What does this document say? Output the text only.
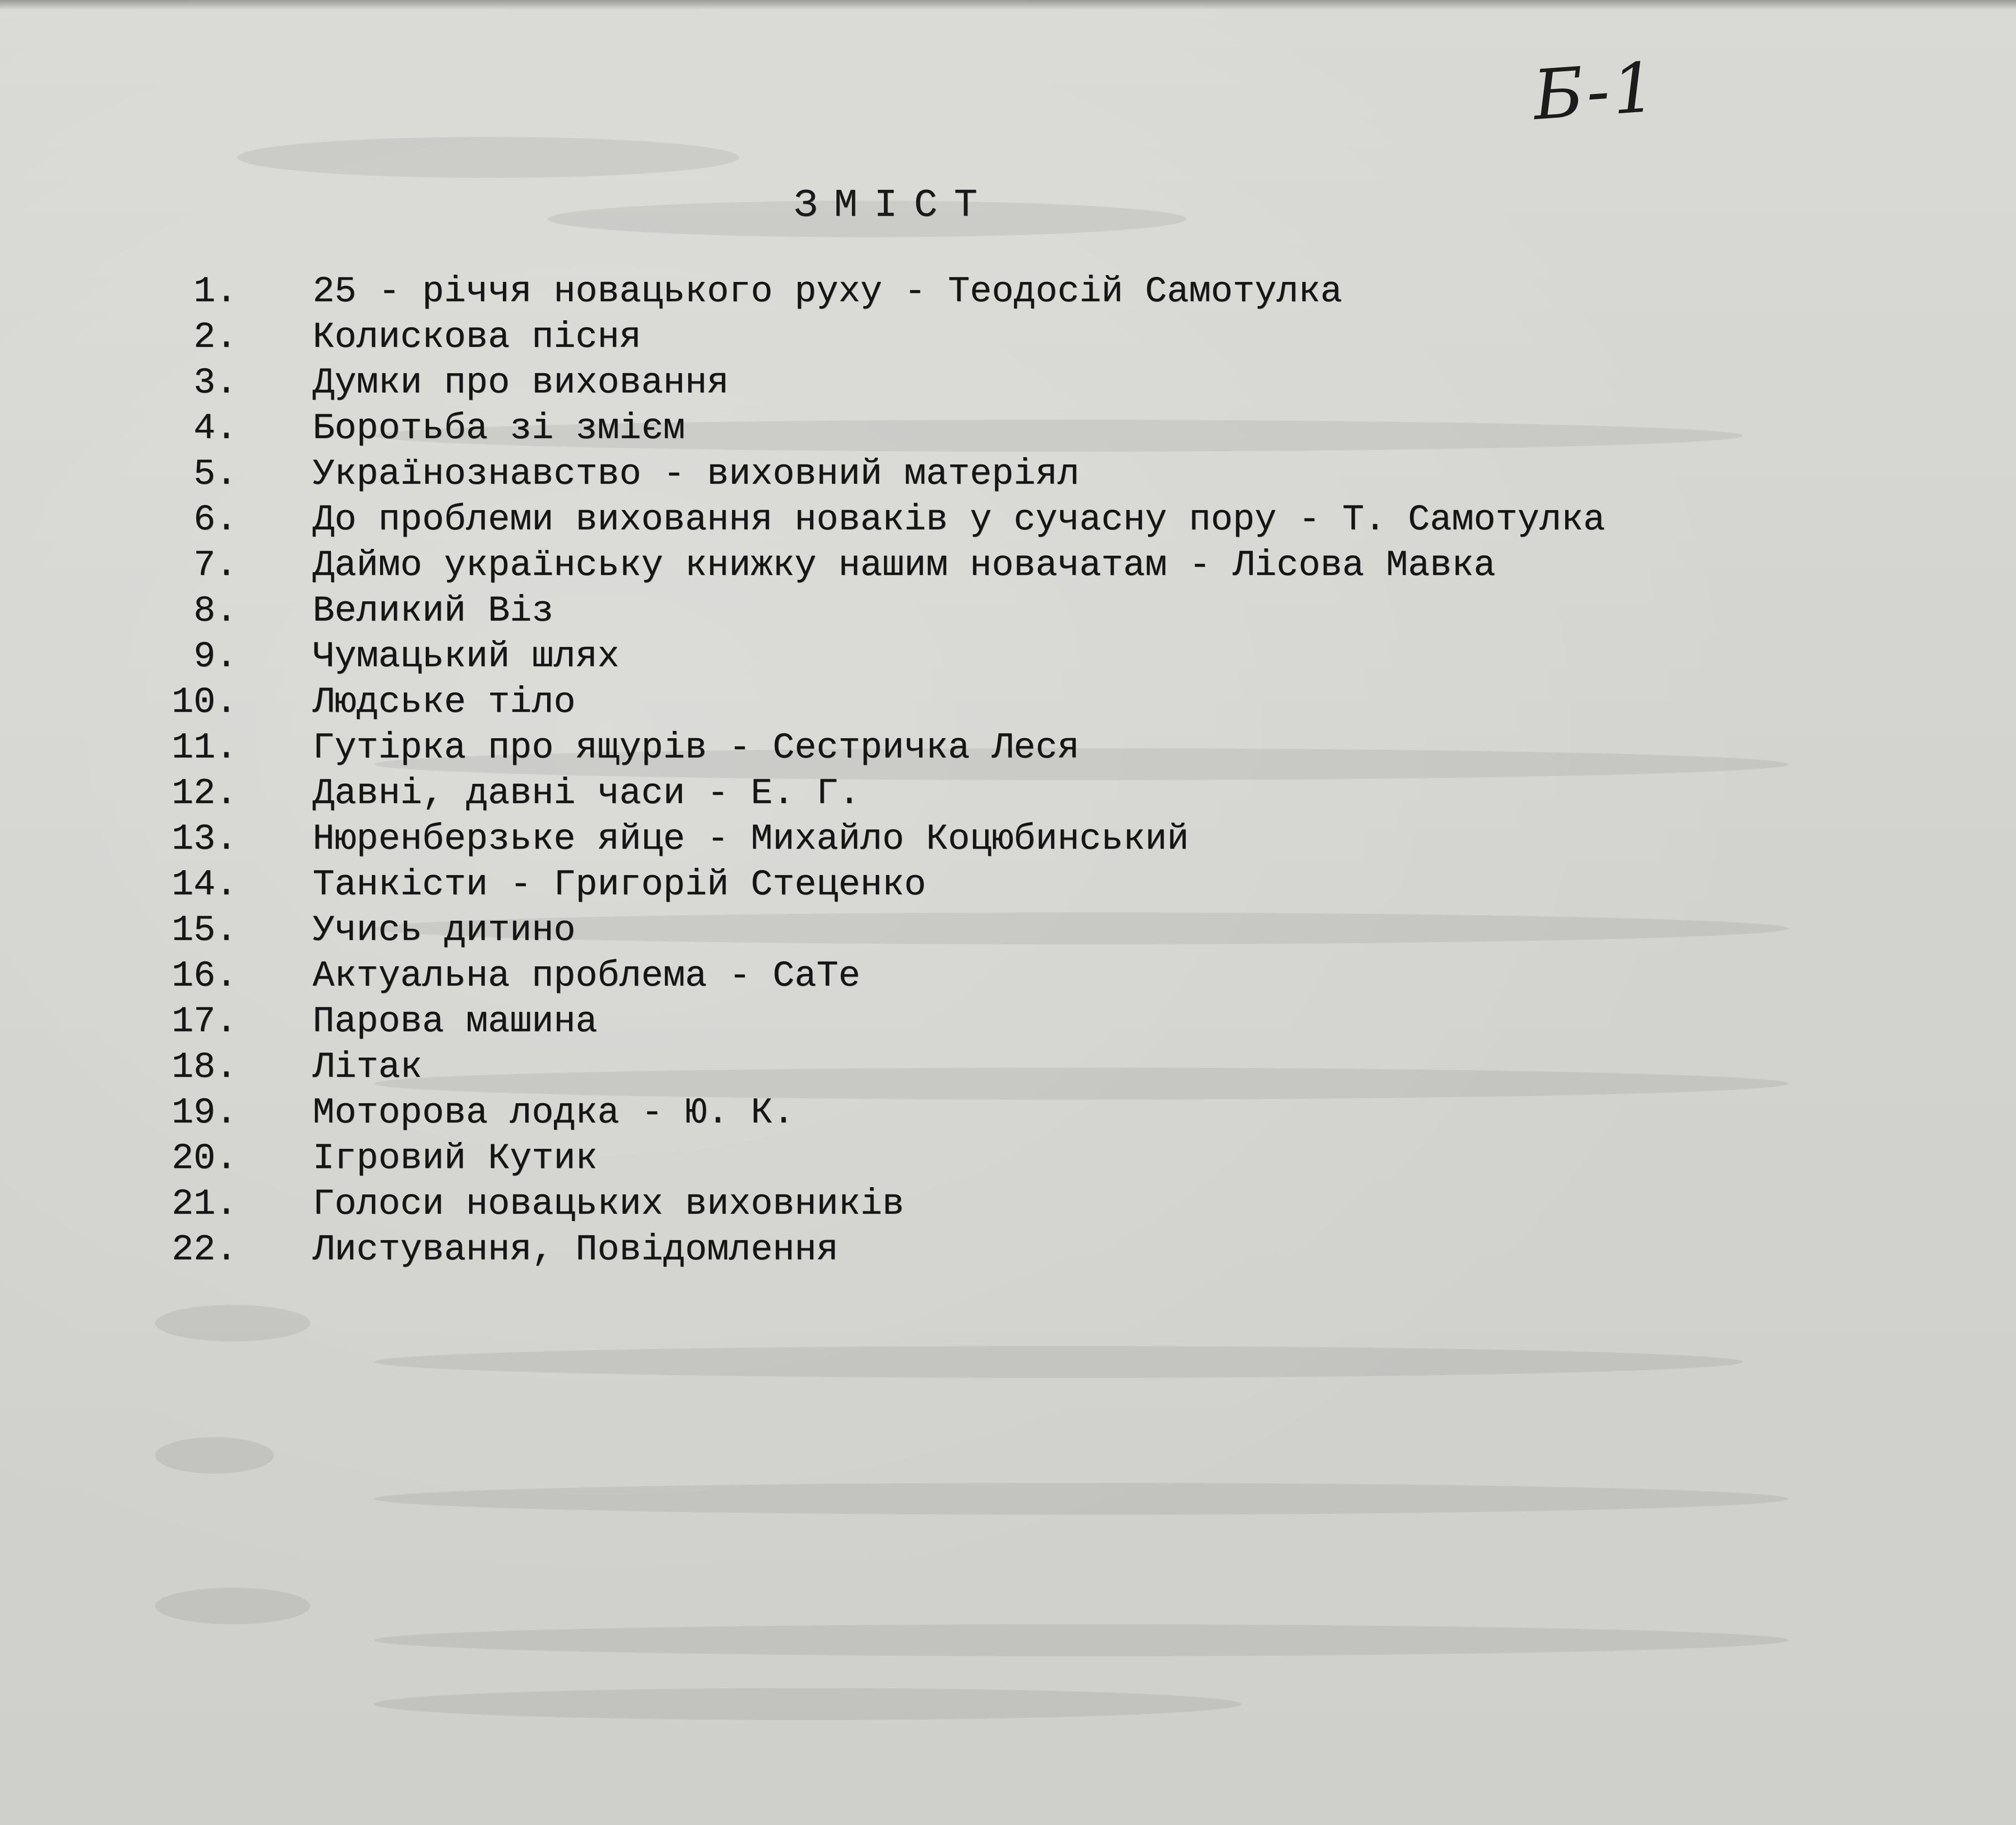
Б-1
ЗМІСТ
1. 25 - річчя новацького руху - Теодосій Самотулка
2. Колискова пісня
3. Думки про виховання
4. Боротьба зі змієм
5. Українознавство - виховний матеріял
6. До проблеми виховання новаків у сучасну пору - Т. Самотулка
7. Даймо українську книжку нашим новачатам - Лісова Мавка
8. Великий Віз
9. Чумацький шлях
10. Людське тіло
11. Гутірка про ящурів - Сестричка Леся
12. Давні, давні часи - Е. Г.
13. Нюренберзьке яйце - Михайло Коцюбинський
14. Танкісти - Григорій Стеценко
15. Учись дитино
16. Актуальна проблема - СаТе
17. Парова машина
18. Літак
19. Моторова лодка - Ю. К.
20. Ігровий Кутик
21. Голоси новацьких виховників
22. Листування, Повідомлення
